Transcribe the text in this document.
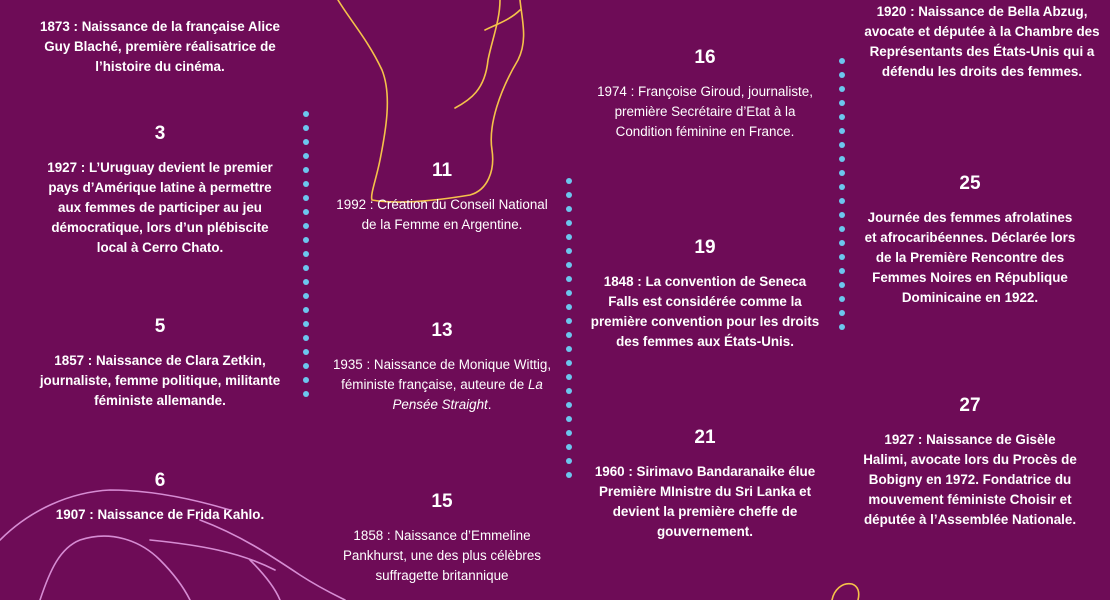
1873 : Naissance de la française Alice Guy Blaché, première réalisatrice de l’histoire du cinéma.
3
1927 : L’Uruguay devient le premier pays d’Amérique latine à permettre aux femmes de participer au jeu démocratique, lors d’un plébiscite local à Cerro Chato.
5
1857 : Naissance de Clara Zetkin, journaliste, femme politique, militante féministe allemande.
6
1907 : Naissance de Frida Kahlo.
11
1992 : Création du Conseil National de la Femme en Argentine.
13
1935 : Naissance de Monique Wittig, féministe française, auteure de La Pensée Straight.
15
1858 : Naissance d’Emmeline Pankhurst, une des plus célèbres suffragette britannique
16
1974 : Françoise Giroud, journaliste, première Secrétaire d’Etat à la Condition féminine en France.
19
1848 : La convention de Seneca Falls est considérée comme la première convention pour les droits des femmes aux États-Unis.
21
1960 : Sirimavo Bandaranaike élue Première MInistre du Sri Lanka et devient la première cheffe de gouvernement.
1920 : Naissance de Bella Abzug, avocate et députée à la Chambre des Représentants des États-Unis qui a défendu les droits des femmes.
25
Journée des femmes afrolatines et afrocaribéennes. Déclarée lors de la Première Rencontre des Femmes Noires en République Dominicaine en 1922.
27
1927 : Naissance de Gisèle Halimi, avocate lors du Procès de Bobigny en 1972. Fondatrice du mouvement féministe Choisir et députée à l’Assemblée Nationale.
